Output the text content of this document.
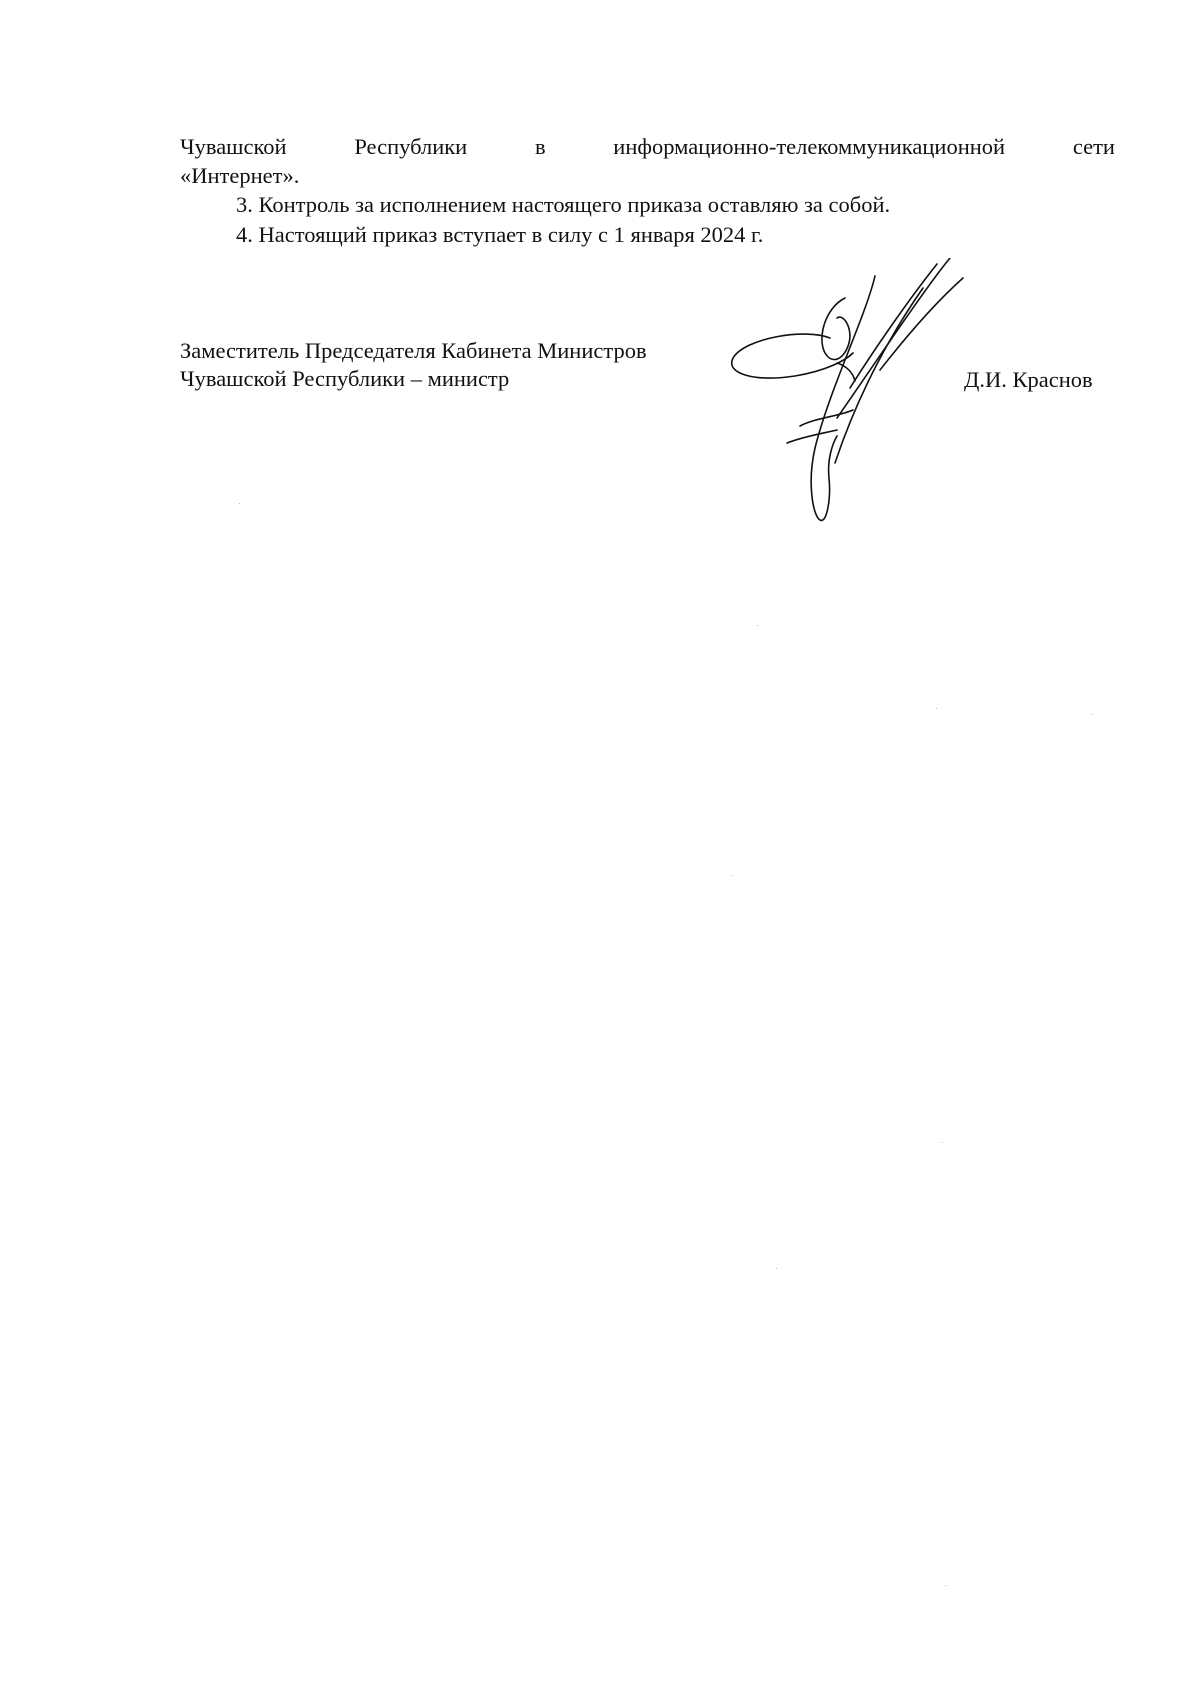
Чувашской	Республики	в	информационно-телекоммуникационной	сети
«Интернет».
3. Контроль за исполнением настоящего приказа оставляю за собой.
4. Настоящий приказ вступает в силу с 1 января 2024 г.
Заместитель Председателя Кабинета Министров
Чувашской Республики – министр	Д.И. Краснов
